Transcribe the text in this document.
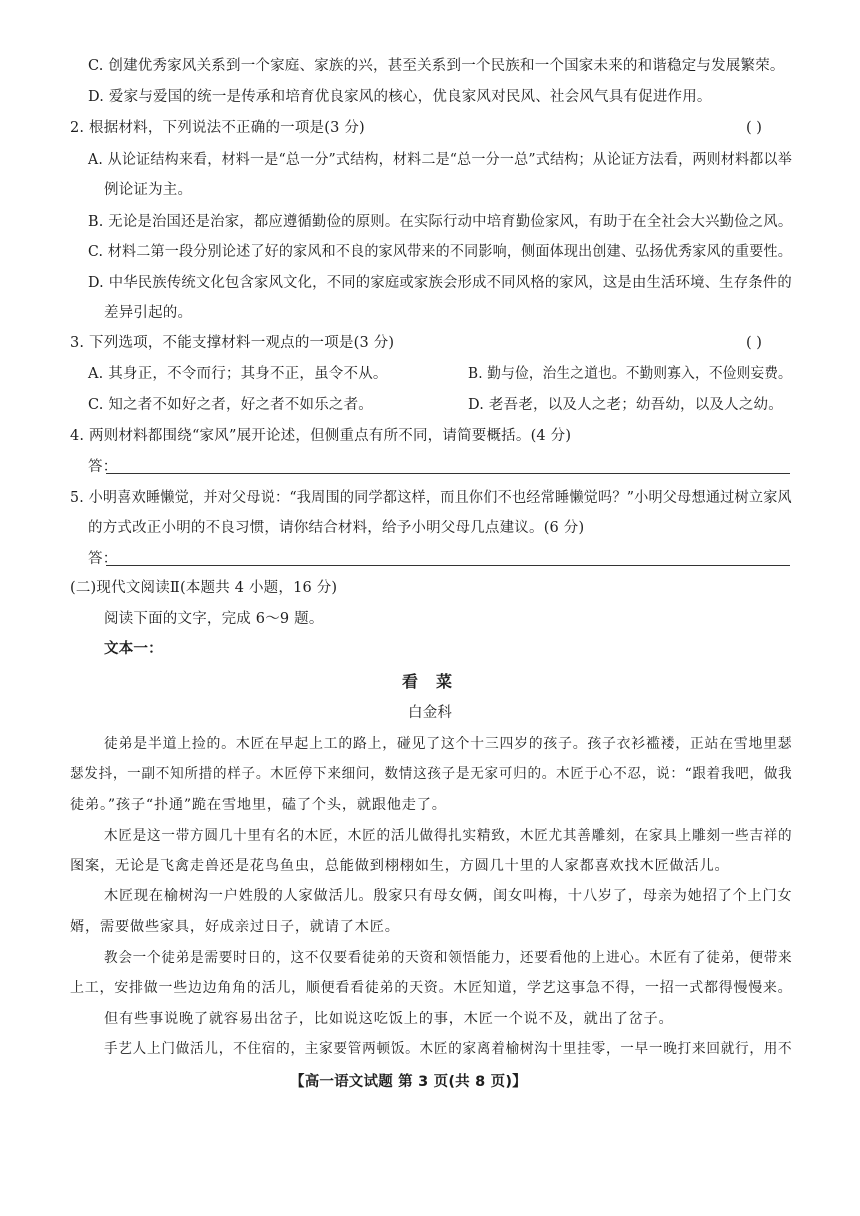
C. 创建优秀家风关系到一个家庭、家族的兴，甚至关系到一个民族和一个国家未来的和谐稳定与发展繁荣。
D. 爱家与爱国的统一是传承和培育优良家风的核心，优良家风对民风、社会风气具有促进作用。
2. 根据材料，下列说法不正确的一项是(3 分)	( )
A. 从论证结构来看，材料一是“总一分”式结构，材料二是“总一分一总”式结构；从论证方法看，两则材料都以举
例论证为主。
B. 无论是治国还是治家，都应遵循勤俭的原则。在实际行动中培育勤俭家风，有助于在全社会大兴勤俭之风。
C. 材料二第一段分别论述了好的家风和不良的家风带来的不同影响，侧面体现出创建、弘扬优秀家风的重要性。
D. 中华民族传统文化包含家风文化，不同的家庭或家族会形成不同风格的家风，这是由生活环境、生存条件的
差异引起的。
3. 下列选项，不能支撑材料一观点的一项是(3 分)	( )
A. 其身正，不令而行；其身不正，虽令不从。	B. 勤与俭，治生之道也。不勤则寡入，不俭则妄费。
C. 知之者不如好之者，好之者不如乐之者。	D. 老吾老，以及人之老；幼吾幼，以及人之幼。
4. 两则材料都围绕“家风”展开论述，但侧重点有所不同，请简要概括。(4 分)
答：
5. 小明喜欢睡懒觉，并对父母说：“我周围的同学都这样，而且你们不也经常睡懒觉吗？”小明父母想通过树立家风
的方式改正小明的不良习惯，请你结合材料，给予小明父母几点建议。(6 分)
答：
(二)现代文阅读Ⅱ(本题共 4 小题，16 分)
阅读下面的文字，完成 6～9 题。
文本一：
看菜
白金科
徒弟是半道上捡的。木匠在早起上工的路上，碰见了这个十三四岁的孩子。孩子衣衫褴褛，正站在雪地里瑟
瑟发抖，一副不知所措的样子。木匠停下来细问，数情这孩子是无家可归的。木匠于心不忍，说：“跟着我吧，做我
徒弟。”孩子“扑通”跪在雪地里，磕了个头，就跟他走了。
木匠是这一带方圆几十里有名的木匠，木匠的活儿做得扎实精致，木匠尤其善雕刻，在家具上雕刻一些吉祥的
图案，无论是飞禽走兽还是花鸟鱼虫，总能做到栩栩如生，方圆几十里的人家都喜欢找木匠做活儿。
木匠现在榆树沟一户姓殷的人家做活儿。殷家只有母女俩，闺女叫梅，十八岁了，母亲为她招了个上门女
婿，需要做些家具，好成亲过日子，就请了木匠。
教会一个徒弟是需要时日的，这不仅要看徒弟的天资和领悟能力，还要看他的上进心。木匠有了徒弟，便带来
上工，安排做一些边边角角的活儿，顺便看看徒弟的天资。木匠知道，学艺这事急不得，一招一式都得慢慢来。
但有些事说晚了就容易出岔子，比如说这吃饭上的事，木匠一个说不及，就出了岔子。
手艺人上门做活儿，不住宿的，主家要管两顿饭。木匠的家离着榆树沟十里挂零，一早一晚打来回就行，用不
【高一语文试题 第 3 页(共 8 页)】
